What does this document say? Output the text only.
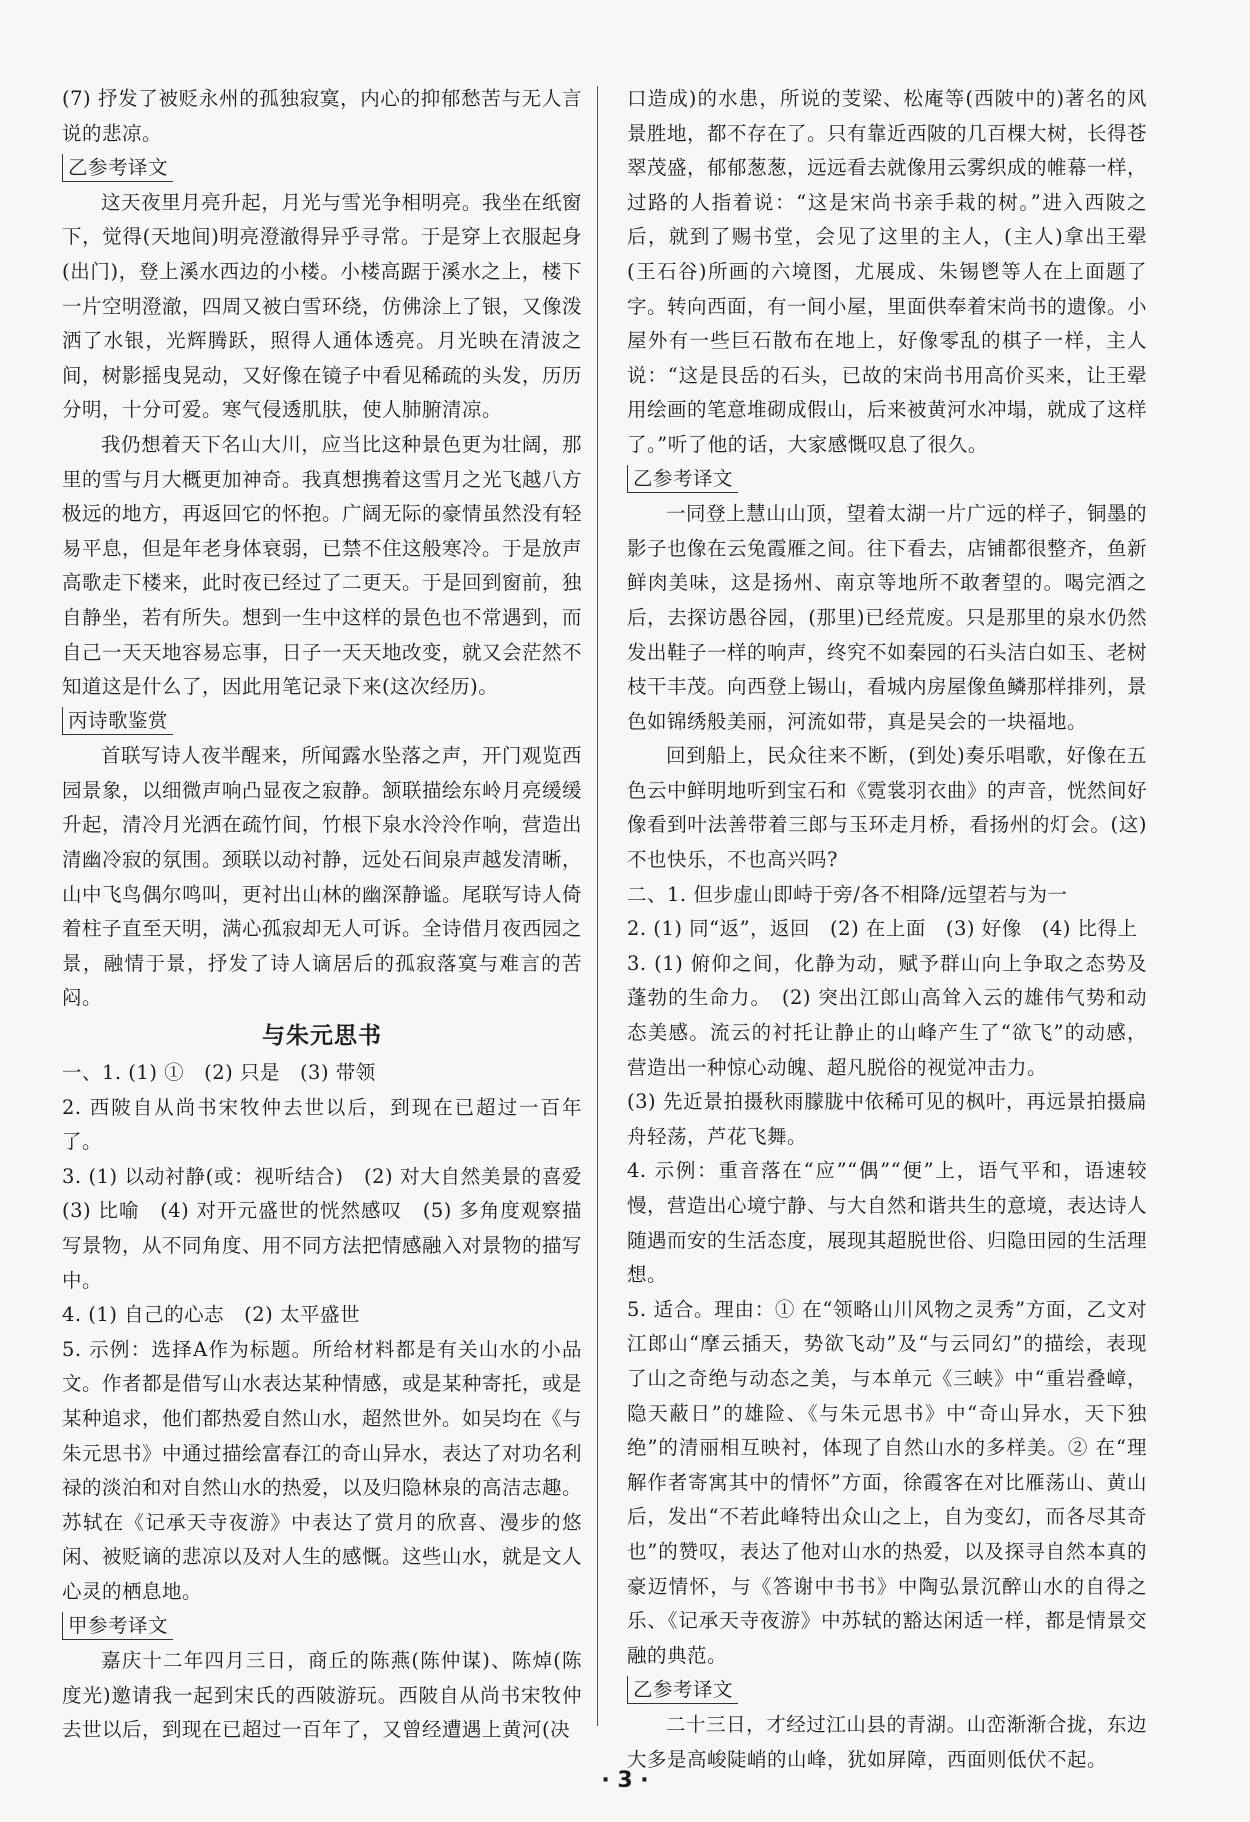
(7) 抒发了被贬永州的孤独寂寞，内心的抑郁愁苦与无人言说的悲凉。

乙参考译文

这天夜里月亮升起，月光与雪光争相明亮。我坐在纸窗下，觉得(天地间)明亮澄澈得异乎寻常。于是穿上衣服起身(出门)，登上溪水西边的小楼。小楼高踞于溪水之上，楼下一片空明澄澈，四周又被白雪环绕，仿佛涂上了银，又像泼洒了水银，光辉腾跃，照得人通体透亮。月光映在清波之间，树影摇曳晃动，又好像在镜子中看见稀疏的头发，历历分明，十分可爱。寒气侵透肌肤，使人肺腑清凉。

我仍想着天下名山大川，应当比这种景色更为壮阔，那里的雪与月大概更加神奇。我真想携着这雪月之光飞越八方极远的地方，再返回它的怀抱。广阔无际的豪情虽然没有轻易平息，但是年老身体衰弱，已禁不住这般寒冷。于是放声高歌走下楼来，此时夜已经过了二更天。于是回到窗前，独自静坐，若有所失。想到一生中这样的景色也不常遇到，而自己一天天地容易忘事，日子一天天地改变，就又会茫然不知道这是什么了，因此用笔记录下来(这次经历)。

丙诗歌鉴赏

首联写诗人夜半醒来，所闻露水坠落之声，开门观览西园景象，以细微声响凸显夜之寂静。颔联描绘东岭月亮缓缓升起，清冷月光洒在疏竹间，竹根下泉水泠泠作响，营造出清幽冷寂的氛围。颈联以动衬静，远处石间泉声越发清晰，山中飞鸟偶尔鸣叫，更衬出山林的幽深静谧。尾联写诗人倚着柱子直至天明，满心孤寂却无人可诉。全诗借月夜西园之景，融情于景，抒发了诗人谪居后的孤寂落寞与难言的苦闷。

与朱元思书

一、1. (1) ①　(2) 只是　(3) 带领

2. 西陂自从尚书宋牧仲去世以后，到现在已超过一百年了。

3. (1) 以动衬静(或：视听结合)　(2) 对大自然美景的喜爱　(3) 比喻　(4) 对开元盛世的恍然感叹　(5) 多角度观察描写景物，从不同角度、用不同方法把情感融入对景物的描写中。

4. (1) 自己的心志　(2) 太平盛世

5. 示例：选择A作为标题。所给材料都是有关山水的小品文。作者都是借写山水表达某种情感，或是某种寄托，或是某种追求，他们都热爱自然山水，超然世外。如吴均在《与朱元思书》中通过描绘富春江的奇山异水，表达了对功名利禄的淡泊和对自然山水的热爱，以及归隐林泉的高洁志趣。苏轼在《记承天寺夜游》中表达了赏月的欣喜、漫步的悠闲、被贬谪的悲凉以及对人生的感慨。这些山水，就是文人心灵的栖息地。

甲参考译文

嘉庆十二年四月三日，商丘的陈燕(陈仲谋)、陈焯(陈度光)邀请我一起到宋氏的西陂游玩。西陂自从尚书宋牧仲去世以后，到现在已超过一百年了，又曾经遭遇上黄河(决

口造成)的水患，所说的芰梁、松庵等(西陂中的)著名的风景胜地，都不存在了。只有靠近西陂的几百棵大树，长得苍翠茂盛，郁郁葱葱，远远看去就像用云雾织成的帷幕一样，过路的人指着说：“这是宋尚书亲手栽的树。”进入西陂之后，就到了赐书堂，会见了这里的主人，(主人)拿出王翚(王石谷)所画的六境图，尤展成、朱锡鬯等人在上面题了字。转向西面，有一间小屋，里面供奉着宋尚书的遗像。小屋外有一些巨石散布在地上，好像零乱的棋子一样，主人说：“这是艮岳的石头，已故的宋尚书用高价买来，让王翚用绘画的笔意堆砌成假山，后来被黄河水冲塌，就成了这样了。”听了他的话，大家感慨叹息了很久。

乙参考译文

一同登上慧山山顶，望着太湖一片广远的样子，铜墨的影子也像在云兔霞雁之间。往下看去，店铺都很整齐，鱼新鲜肉美味，这是扬州、南京等地所不敢奢望的。喝完酒之后，去探访愚谷园，(那里)已经荒废。只是那里的泉水仍然发出鞋子一样的响声，终究不如秦园的石头洁白如玉、老树枝干丰茂。向西登上锡山，看城内房屋像鱼鳞那样排列，景色如锦绣般美丽，河流如带，真是吴会的一块福地。

回到船上，民众往来不断，(到处)奏乐唱歌，好像在五色云中鲜明地听到宝石和《霓裳羽衣曲》的声音，恍然间好像看到叶法善带着三郎与玉环走月桥，看扬州的灯会。(这)不也快乐，不也高兴吗?

二、1. 但步虚山即峙于旁/各不相降/远望若与为一

2. (1) 同“返”，返回　(2) 在上面　(3) 好像　(4) 比得上

3. (1) 俯仰之间，化静为动，赋予群山向上争取之态势及蓬勃的生命力。　(2) 突出江郎山高耸入云的雄伟气势和动态美感。流云的衬托让静止的山峰产生了“欲飞”的动感，营造出一种惊心动魄、超凡脱俗的视觉冲击力。

(3) 先近景拍摄秋雨朦胧中依稀可见的枫叶，再远景拍摄扁舟轻荡，芦花飞舞。

4. 示例：重音落在“应”“偶”“便”上，语气平和，语速较慢，营造出心境宁静、与大自然和谐共生的意境，表达诗人随遇而安的生活态度，展现其超脱世俗、归隐田园的生活理想。

5. 适合。理由：① 在“领略山川风物之灵秀”方面，乙文对江郎山“摩云插天，势欲飞动”及“与云同幻”的描绘，表现了山之奇绝与动态之美，与本单元《三峡》中“重岩叠嶂，隐天蔽日”的雄险、《与朱元思书》中“奇山异水，天下独绝”的清丽相互映衬，体现了自然山水的多样美。② 在“理解作者寄寓其中的情怀”方面，徐霞客在对比雁荡山、黄山后，发出“不若此峰特出众山之上，自为变幻，而各尽其奇也”的赞叹，表达了他对山水的热爱，以及探寻自然本真的豪迈情怀，与《答谢中书书》中陶弘景沉醉山水的自得之乐、《记承天寺夜游》中苏轼的豁达闲适一样，都是情景交融的典范。

乙参考译文

二十三日，才经过江山县的青湖。山峦渐渐合拢，东边大多是高峻陡峭的山峰，犹如屏障，西面则低伏不起。

· 3 ·
